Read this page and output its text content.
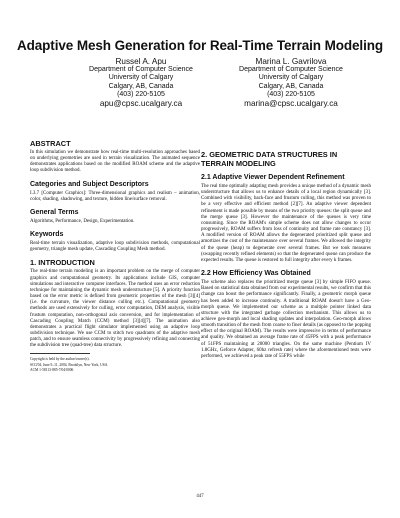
Adaptive Mesh Generation for Real-Time Terrain Modeling
Russel A. Apu
Department of Computer Science
University of Calgary
Calgary, AB, Canada
(403) 220-5105
apu@cpsc.ucalgary.ca
Marina L. Gavrilova
Department of Computer Science
University of Calgary
Calgary, AB, Canada
(403) 220-5105
marina@cpsc.ucalgary.ca
ABSTRACT

In this simulation we demonstrate how real-time multi-resolution approaches based on underlying geometries are used in terrain visualization. The animated sequence demonstrates applications based on the modified ROAM scheme and the adaptive loop subdivision method.

Categories and Subject Descriptors

I.3.7 [Computer Graphics]: Three-dimensional graphics and realism – animation, color, shading, shadowing, and texture, hidden line/surface removal.

General Terms

Algorithms, Performance, Design, Experimentation.

Keywords

Real-time terrain visualization, adaptive loop subdivision methods, computational geometry, triangle mesh update, Cascading Coupling Mesh method.

1. INTRODUCTION

The real-time terrain modeling is an important problem on the merge of computer graphics and computational geometry. Its applications include GIS, computer simulations and interactive computer interfaces. The method uses an error reduction technique for maintaining the dynamic mesh understructure [5]. A priority function based on the error metric is defined from geometric properties of the mesh [3][4] (i.e. the curvature, the viewer distance culling etc.). Computational geometry methods are used extensively for culling, error computation, DEM analysis, visible frustum computation, non-orthogonal axis conversion, and for implementation of Cascading Coupling Match (CCM) method [3][4][7]. The animation also demonstrates a practical flight simulator implemented using an adaptive loop subdivision technique. We use CCM to stitch two quadrants of the adaptive mesh patch, and to ensure seamless connectivity by progressively refining and connecting the subdivision tree (quad-tree) data structure.

Copyright is held by the author/owner(s).

SCG'04, June 9–11, 2004, Brooklyn, New York, USA.

ACM 1-58113-885-7/04/0006

2. GEOMETRIC DATA STRUCTURES IN TERRAIN MODELING
2.1 Adaptive Viewer Dependent Refinement

The real time optimally adapting mesh provides a unique method of a dynamic mesh understructure that allows us to enhance details of a local region dynamically [3]. Combined with visibility, back-face and frustum culling, this method was proven to be a very effective and efficient method [2][7]. An adaptive viewer dependent refinement is made possible by means of the two priority queues: the split queue and the merge queue [3]. However the maintenance of the queues is very time consuming. Since the ROAM's simple scheme does not allow changes to occur progressively, ROAM suffers from loss of continuity and frame rate constancy [3]. A modified version of ROAM allows the degenerated prioritized split queue and amortizes the cost of the maintenance over several frames. We allowed the integrity of the queue (heap) to degenerate over several frames. But we took measures (swapping recently refined elements) so that the degenerated queue can produce the expected results. The queue is restored to full integrity after every k frames.

2.2 How Efficiency Was Obtained

The scheme also replaces the prioritized merge queue [3] by simple FIFO queue. Based on statistical data obtained from our experimental results, we confirm that this change can boost the performance significantly. Finally, a geometric morph queue has been added to increase continuity. A traditional ROAM doesn't have a Geo-morph queue. We implemented our scheme as a multiple pointer linked data structure with the integrated garbage collection mechanism. This allows us to achieve geo-morph and local shading updates and interpolation. Geo-morph allows smooth transition of the mesh from coarse to finer details (as opposed to the popping effect of the original ROAM). The results were impressive in terms of performance and quality. We obtained an average frame rate of 45FPS with a peak performance of 51FPS maintaining at 20000 triangles. On the same machine (Pentium IV 1.8GHz, Geforce Adapter, 60hz refresh rate) where the aforementioned tests were performed, we achieved a peak rate of 55FPS while

447
